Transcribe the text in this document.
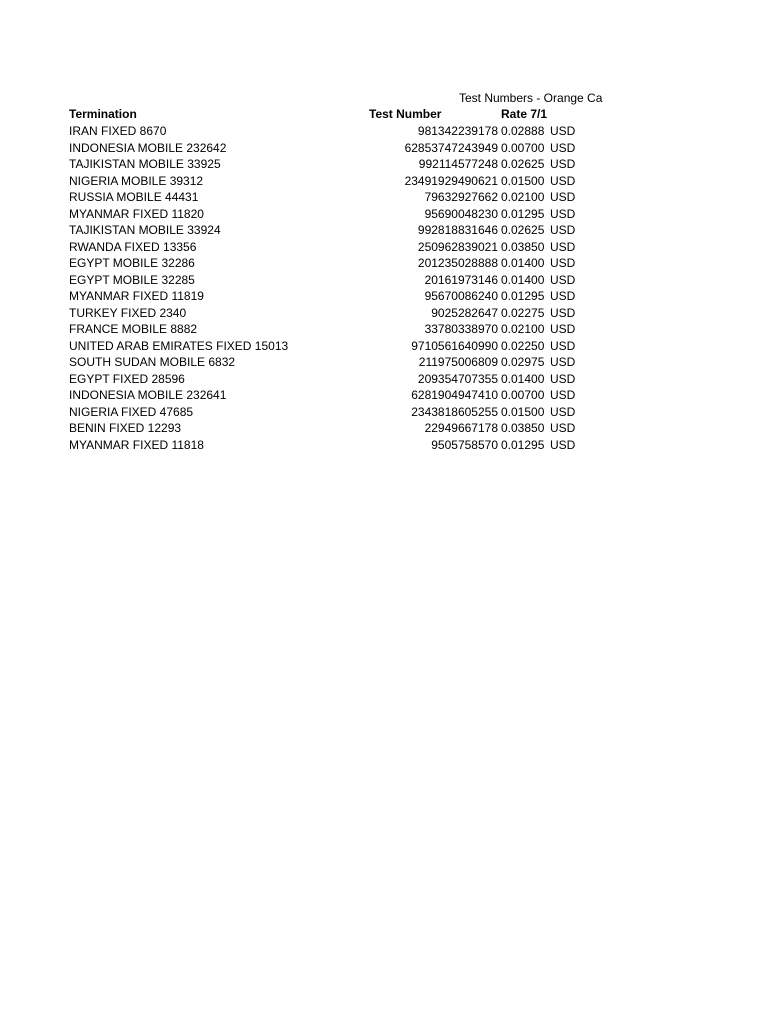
Test Numbers - Orange Ca
Termination	Test Number	Rate 7/1
IRAN FIXED 8670	981342239178 0.02888 USD
INDONESIA MOBILE 232642	62853747243949 0.00700 USD
TAJIKISTAN MOBILE 33925	992114577248 0.02625 USD
NIGERIA MOBILE 39312	23491929490621 0.01500 USD
RUSSIA MOBILE 44431	79632927662 0.02100 USD
MYANMAR FIXED 11820	95690048230 0.01295 USD
TAJIKISTAN MOBILE 33924	992818831646 0.02625 USD
RWANDA FIXED 13356	250962839021 0.03850 USD
EGYPT MOBILE 32286	201235028888 0.01400 USD
EGYPT MOBILE 32285	20161973146 0.01400 USD
MYANMAR FIXED 11819	95670086240 0.01295 USD
TURKEY FIXED 2340	9025282647 0.02275 USD
FRANCE MOBILE 8882	33780338970 0.02100 USD
UNITED ARAB EMIRATES FIXED 15013	9710561640990 0.02250 USD
SOUTH SUDAN MOBILE 6832	211975006809 0.02975 USD
EGYPT FIXED 28596	209354707355 0.01400 USD
INDONESIA MOBILE 232641	6281904947410 0.00700 USD
NIGERIA FIXED 47685	2343818605255 0.01500 USD
BENIN FIXED 12293	22949667178 0.03850 USD
MYANMAR FIXED 11818	9505758570 0.01295 USD
